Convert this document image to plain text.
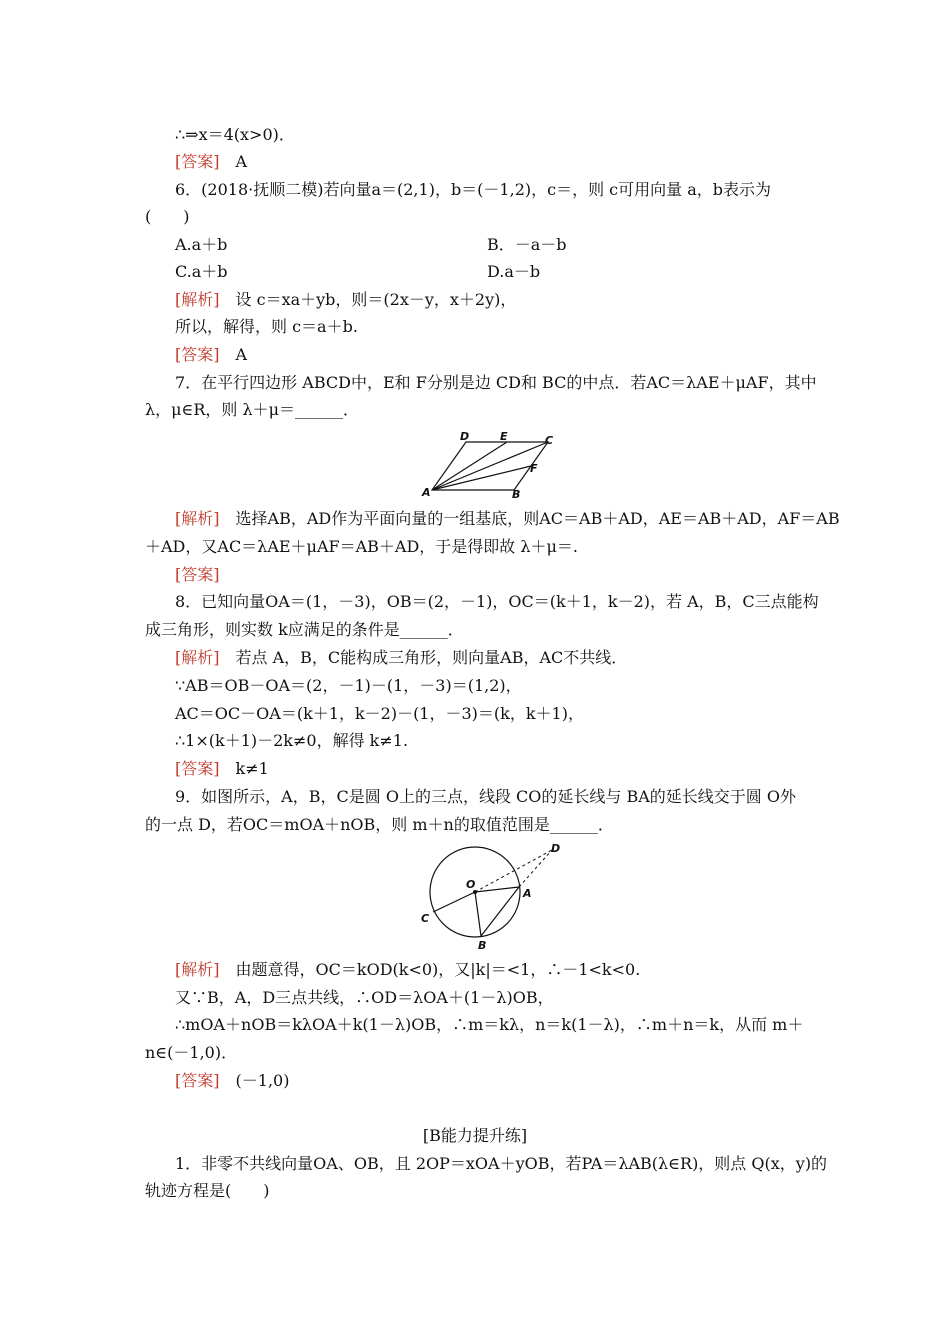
∴⇒x＝4(x>0)．
[答案]　 A
6．(2018·抚顺二模)若向量a＝(2,1)，b＝(－1,2)，c＝，则 c可用向量 a，b表示为
(　　)
A.a＋b	B．－a－b
C.a＋b	D.a－b
[解析]　 设 c＝xa＋yb，则＝(2x－y，x＋2y)，
所以，解得，则 c＝a＋b.
[答案]　 A
7．在平行四边形 ABCD中，E和 F分别是边 CD和 BC的中点．若AC＝λAE＋μAF，其中
λ，μ∈R，则 λ＋μ＝______．
A	B
C
D	E
F
[解析]　 选择AB，AD作为平面向量的一组基底，则AC＝AB＋AD，AE＝AB＋AD，AF＝AB
＋AD，又AC＝λAE＋μAF＝AB＋AD，于是得即故 λ＋μ＝.
[答案]
8．已知向量OA＝(1，－3)，OB＝(2，－1)，OC＝(k＋1，k－2)，若 A，B，C三点能构
成三角形，则实数 k应满足的条件是______．
[解析]　 若点 A，B，C能构成三角形，则向量AB，AC不共线．
∵AB＝OB－OA＝(2，－1)－(1，－3)＝(1,2)，
AC＝OC－OA＝(k＋1，k－2)－(1，－3)＝(k，k＋1)，
∴1×(k＋1)－2k≠0，解得 k≠1.
[答案]　 k≠1
9．如图所示，A，B，C是圆 O上的三点，线段 CO的延长线与 BA的延长线交于圆 O外
的一点 D，若OC＝mOA＋nOB，则 m＋n的取值范围是______．
O
A
B
C
D
[解析]　 由题意得，OC＝kOD(k<0)，又|k|＝<1，∴－1<k<0.
又∵B，A，D三点共线，∴OD＝λOA＋(1－λ)OB，
∴mOA＋nOB＝kλOA＋k(1－λ)OB，∴m＝kλ，n＝k(1－λ)，∴m＋n＝k，从而 m＋
n∈(－1,0)．
[答案]　 (－1,0)
[B能力提升练]
1．非零不共线向量OA、OB，且 2OP＝xOA＋yOB，若PA＝λAB(λ∈R)，则点 Q(x，y)的
轨迹方程是(　　)
